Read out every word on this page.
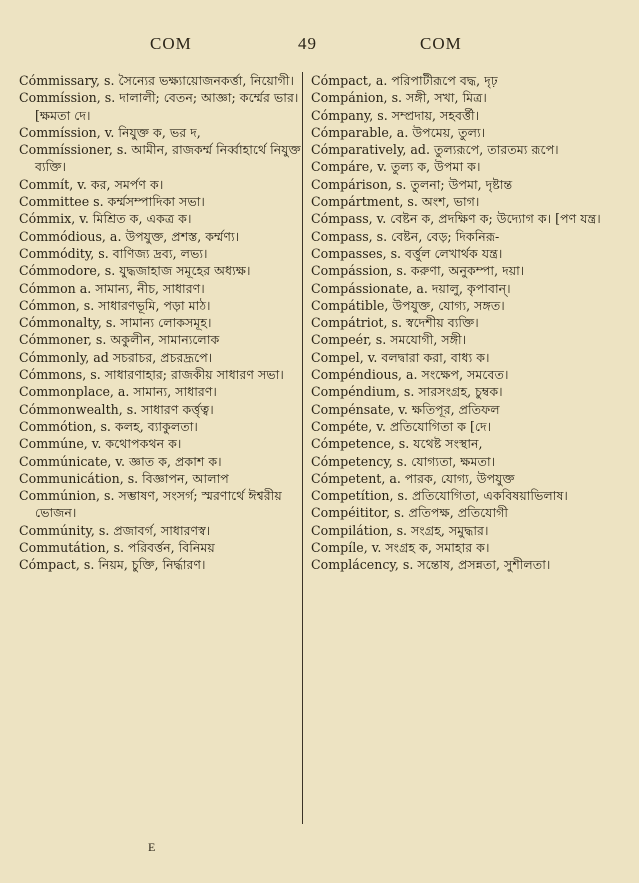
COM	49	COM
Cómmissary, s. সৈন্যের ভক্ষ্যায়োজনকর্ত্তা, নিয়োগী।
Commíssion, s. দালালী; বেতন; আজ্ঞা; কর্ম্মের ভার। [ক্ষমতা দে।
Commíssion, v. নিযুক্ত ক, ভর দ,
Commíssioner, s. আমীন, রাজকর্ম্ম নির্ব্বাহার্থে নিযুক্ত ব্যক্তি।
Commít, v. কর, সমর্পণ ক।
Committee s. কর্ম্মসম্পাদিকা সভা।
Cómmix, v. মিশ্রিত ক, একত্র ক।
Commódious, a. উপযুক্ত, প্রশস্ত, কর্ম্মণ্য।
Commódity, s. বাণিজ্য দ্রব্য, লভ্য।
Cómmodore, s. যুদ্ধজাহাজ সমূহের অধ্যক্ষ।
Cómmon a. সামান্য, নীচ, সাধারণ।
Cómmon, s. সাধারণভূমি, পড়া মাঠ।
Cómmonalty, s. সামান্য লোকসমূহ।
Cómmoner, s. অকুলীন, সামান্যলোক
Cómmonly, ad সচরাচর, প্রচরদ্রূপে।
Cómmons, s. সাধারণাহার; রাজকীয় সাধারণ সভা।
Commonplace, a. সামান্য, সাধারণ।
Cómmonwealth, s. সাধারণ কর্ত্তৃত্ব।
Commótion, s. কলহ, ব্যাকুলতা।
Commúne, v. কথোপকথন ক।
Commúnicate, v. জ্ঞাত ক, প্রকাশ ক।
Communicátion, s. বিজ্ঞাপন, আলাপ
Commúnion, s. সম্ভাষণ, সংসর্গ; স্মরণার্থে ঈশ্বরীয় ভোজন।
Commúnity, s. প্রজাবর্গ, সাধারণস্ব।
Commutátion, s. পরিবর্ত্তন, বিনিময়
Cómpact, s. নিয়ম, চুক্তি, নির্দ্ধারণ।
Cómpact, a. পরিপাটীরূপে বদ্ধ, দৃঢ়
Compánion, s. সঙ্গী, সখা, মিত্র।
Cómpany, s. সম্প্রদায়, সহবর্ত্তী।
Cómparable, a. উপমেয়, তুল্য।
Cómparatively, ad. তুল্যরূপে, তারতম্য রূপে।
Compáre, v. তুল্য ক, উপমা ক।
Compárison, s. তুলনা; উপমা, দৃষ্টান্ত
Compártment, s. অংশ, ভাগ।
Cómpass, v. বেষ্টন ক, প্রদক্ষিণ ক; উদ্যোগ ক। [পণ যন্ত্র।
Compass, s. বেষ্টন, বেড়; দিকনিরূ-
Compasses, s. বর্ত্তুল লেখার্থক যন্ত্র।
Compássion, s. করুণা, অনুকম্পা, দয়া।
Compássionate, a. দয়ালু, কৃপাবান্।
Compátible, উপযুক্ত, যোগ্য, সঙ্গত।
Compátriot, s. স্বদেশীয় ব্যক্তি।
Compeér, s. সমযোগী, সঙ্গী।
Compel, v. বলদ্বারা করা, বাধ্য ক।
Compéndious, a. সংক্ষেপ, সমবেত।
Compéndium, s. সারসংগ্রহ, চুম্বক।
Compénsate, v. ক্ষতিপূর, প্রতিফল
Compéte, v. প্রতিযোগিতা ক [দে।
Cómpetence, s. যথেষ্ট সংস্থান,
Cómpetency, s. যোগ্যতা, ক্ষমতা।
Cómpetent, a. পারক, যোগ্য, উপযুক্ত
Competítion, s. প্রতিযোগিতা, একবিষয়াভিলাষ।
Compéititor, s. প্রতিপক্ষ, প্রতিযোগী
Compilátion, s. সংগ্রহ, সমুদ্ধার।
Compíle, v. সংগ্রহ ক, সমাহার ক।
Complácency, s. সন্তোষ, প্রসন্নতা, সুশীলতা।
E
